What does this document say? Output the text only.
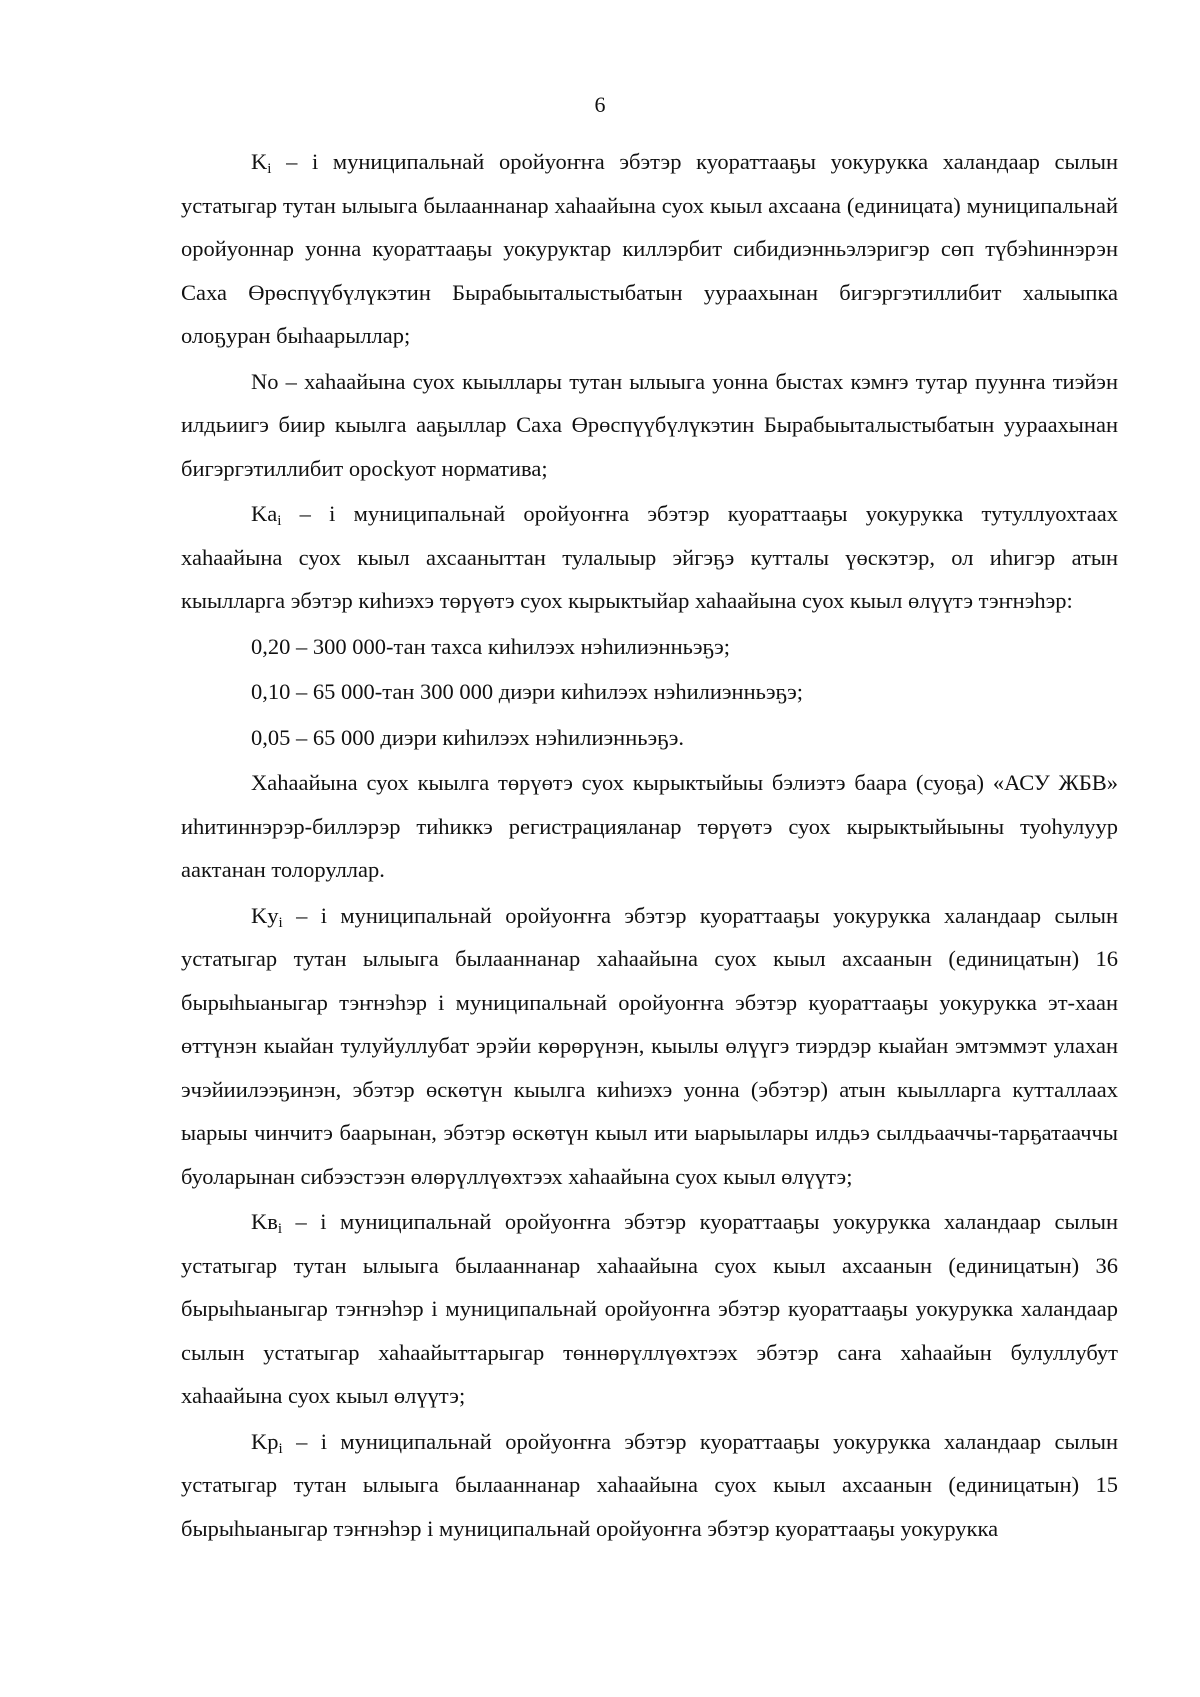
6

$K_i$ – i муниципальнай оройуоҥҥа эбэтэр куораттааҕы уокурукка халандаар сылын устатыгар тутан ылыыга былааннанар хаһаайына суох кыыл ахсаана (единицата) муниципальнай оройуоннар уонна куораттааҕы уокуруктар киллэрбит сибидиэнньэлэригэр сөп түбэһиннэрэн Саха Өрөспүүбүлүкэтин Бырабыыталыстыбатын уураахынан бигэргэтиллибит халыыпка олоҕуран быһаарыллар;

No – хаһаайына суох кыыллары тутан ылыыга уонна быстах кэмҥэ тутар пуунҥа тиэйэн илдьиигэ биир кыылга ааҕыллар Саха Өрөспүүбүлүкэтин Бырабыыталыстыбатын уураахынан бигэргэтиллибит оросkуот норматива;

$Ka_i$ – i муниципальнай оройуоҥҥа эбэтэр куораттааҕы уокурукка тутуллуохтаах хаһаайына суох кыыл ахсааныттан тулалыыр эйгэҕэ кутталы үөскэтэр, ол иһигэр атын кыылларга эбэтэр киһиэхэ төрүөтэ суох кырыктыйар хаһаайына суох кыыл өлүүтэ тэҥнэһэр:

0,20 – 300 000-тан тахса киһилээх нэһилиэнньэҕэ;

0,10 – 65 000-тан 300 000 диэри киһилээх нэһилиэнньэҕэ;

0,05 – 65 000 диэри киһилээх нэһилиэнньэҕэ.

Хаһаайына суох кыылга төрүөтэ суох кырыктыйыы бэлиэтэ баара (суоҕа) «АСУ ЖБВ» иһитиннэрэр-биллэрэр тиһиккэ регистрацияланар төрүөтэ суох кырыктыйыыны туоһулуур аактанан толоруллар.

$Ky_i$ – i муниципальнай оройуоҥҥа эбэтэр куораттааҕы уокурукка халандаар сылын устатыгар тутан ылыыга былааннанар хаһаайына суох кыыл ахсаанын (единицатын) 16 бырыһыаныгар тэҥнэһэр i муниципальнай оройуоҥҥа эбэтэр куораттааҕы уокурукка эт-хаан өттүнэн кыайан тулуйуллубат эрэйи көрөрүнэн, кыылы өлүүгэ тиэрдэр кыайан эмтэммэт улахан эчэйиилээҕинэн, эбэтэр өскөтүн кыылга киһиэхэ уонна (эбэтэр) атын кыылларга кутталлаах ыарыы чинчитэ баарынан, эбэтэр өскөтүн кыыл ити ыарыылары илдьэ сылдьааччы-тарҕатааччы буоларынан сибээстээн өлөрүллүөхтээх хаһаайына суох кыыл өлүүтэ;

$Kв_i$ – i муниципальнай оройуоҥҥа эбэтэр куораттааҕы уокурукка халандаар сылын устатыгар тутан ылыыга былааннанар хаһаайына суох кыыл ахсаанын (единицатын) 36 бырыһыаныгар тэҥнэһэр i муниципальнай оройуоҥҥа эбэтэр куораттааҕы уокурукка халандаар сылын устатыгар хаһаайыттарыгар төннөрүллүөхтээх эбэтэр саҥа хаһаайын булуллубут хаһаайына суох кыыл өлүүтэ;

$Kр_i$ – i муниципальнай оройуоҥҥа эбэтэр куораттааҕы уокурукка халандаар сылын устатыгар тутан ылыыга былааннанар хаһаайына суох кыыл ахсаанын (единицатын) 15 бырыһыаныгар тэҥнэһэр i муниципальнай оройуоҥҥа эбэтэр куораттааҕы уокурукка
